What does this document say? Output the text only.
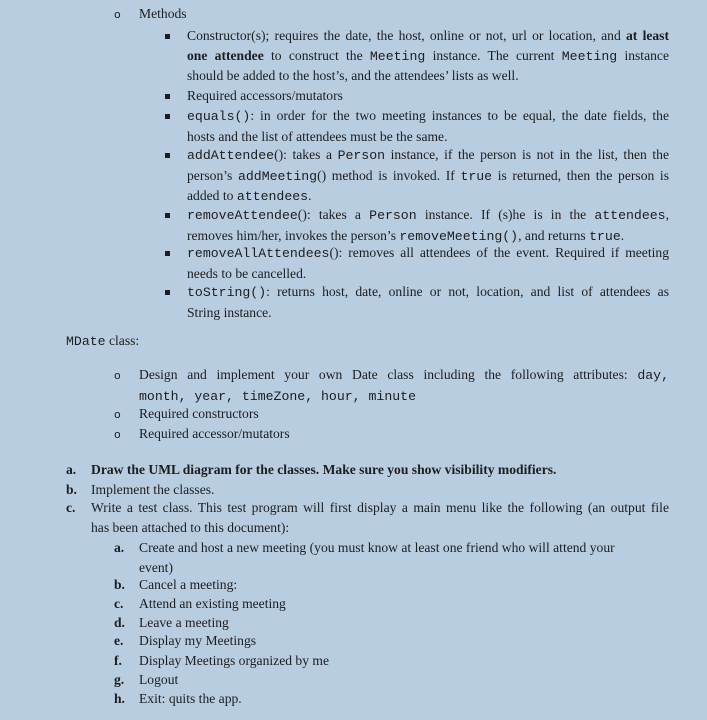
o Methods
Constructor(s); requires the date, the host, online or not, url or location, and at least
one attendee to construct the Meeting instance. The current Meeting instance
should be added to the host’s, and the attendees’ lists as well.
Required accessors/mutators
equals(): in order for the two meeting instances to be equal, the date fields, the
hosts and the list of attendees must be the same.
addAttendee(): takes a Person instance, if the person is not in the list, then the
person’s addMeeting() method is invoked. If true is returned, then the person is
added to attendees.
removeAttendee(): takes a Person instance. If (s)he is in the attendees,
removes him/her, invokes the person’s removeMeeting(), and returns true.
removeAllAttendees(): removes all attendees of the event. Required if meeting
needs to be cancelled.
toString(): returns host, date, online or not, location, and list of attendees as
String instance.
MDate class:
o Design and implement your own Date class including the following attributes: day,
month, year, timeZone, hour, minute
o Required constructors
o Required accessor/mutators
a. Draw the UML diagram for the classes. Make sure you show visibility modifiers.
b. Implement the classes.
c. Write a test class. This test program will first display a main menu like the following (an output file
has been attached to this document):
a. Create and host a new meeting (you must know at least one friend who will attend your
event)
b. Cancel a meeting:
c. Attend an existing meeting
d. Leave a meeting
e. Display my Meetings
f. Display Meetings organized by me
g. Logout
h. Exit: quits the app.
